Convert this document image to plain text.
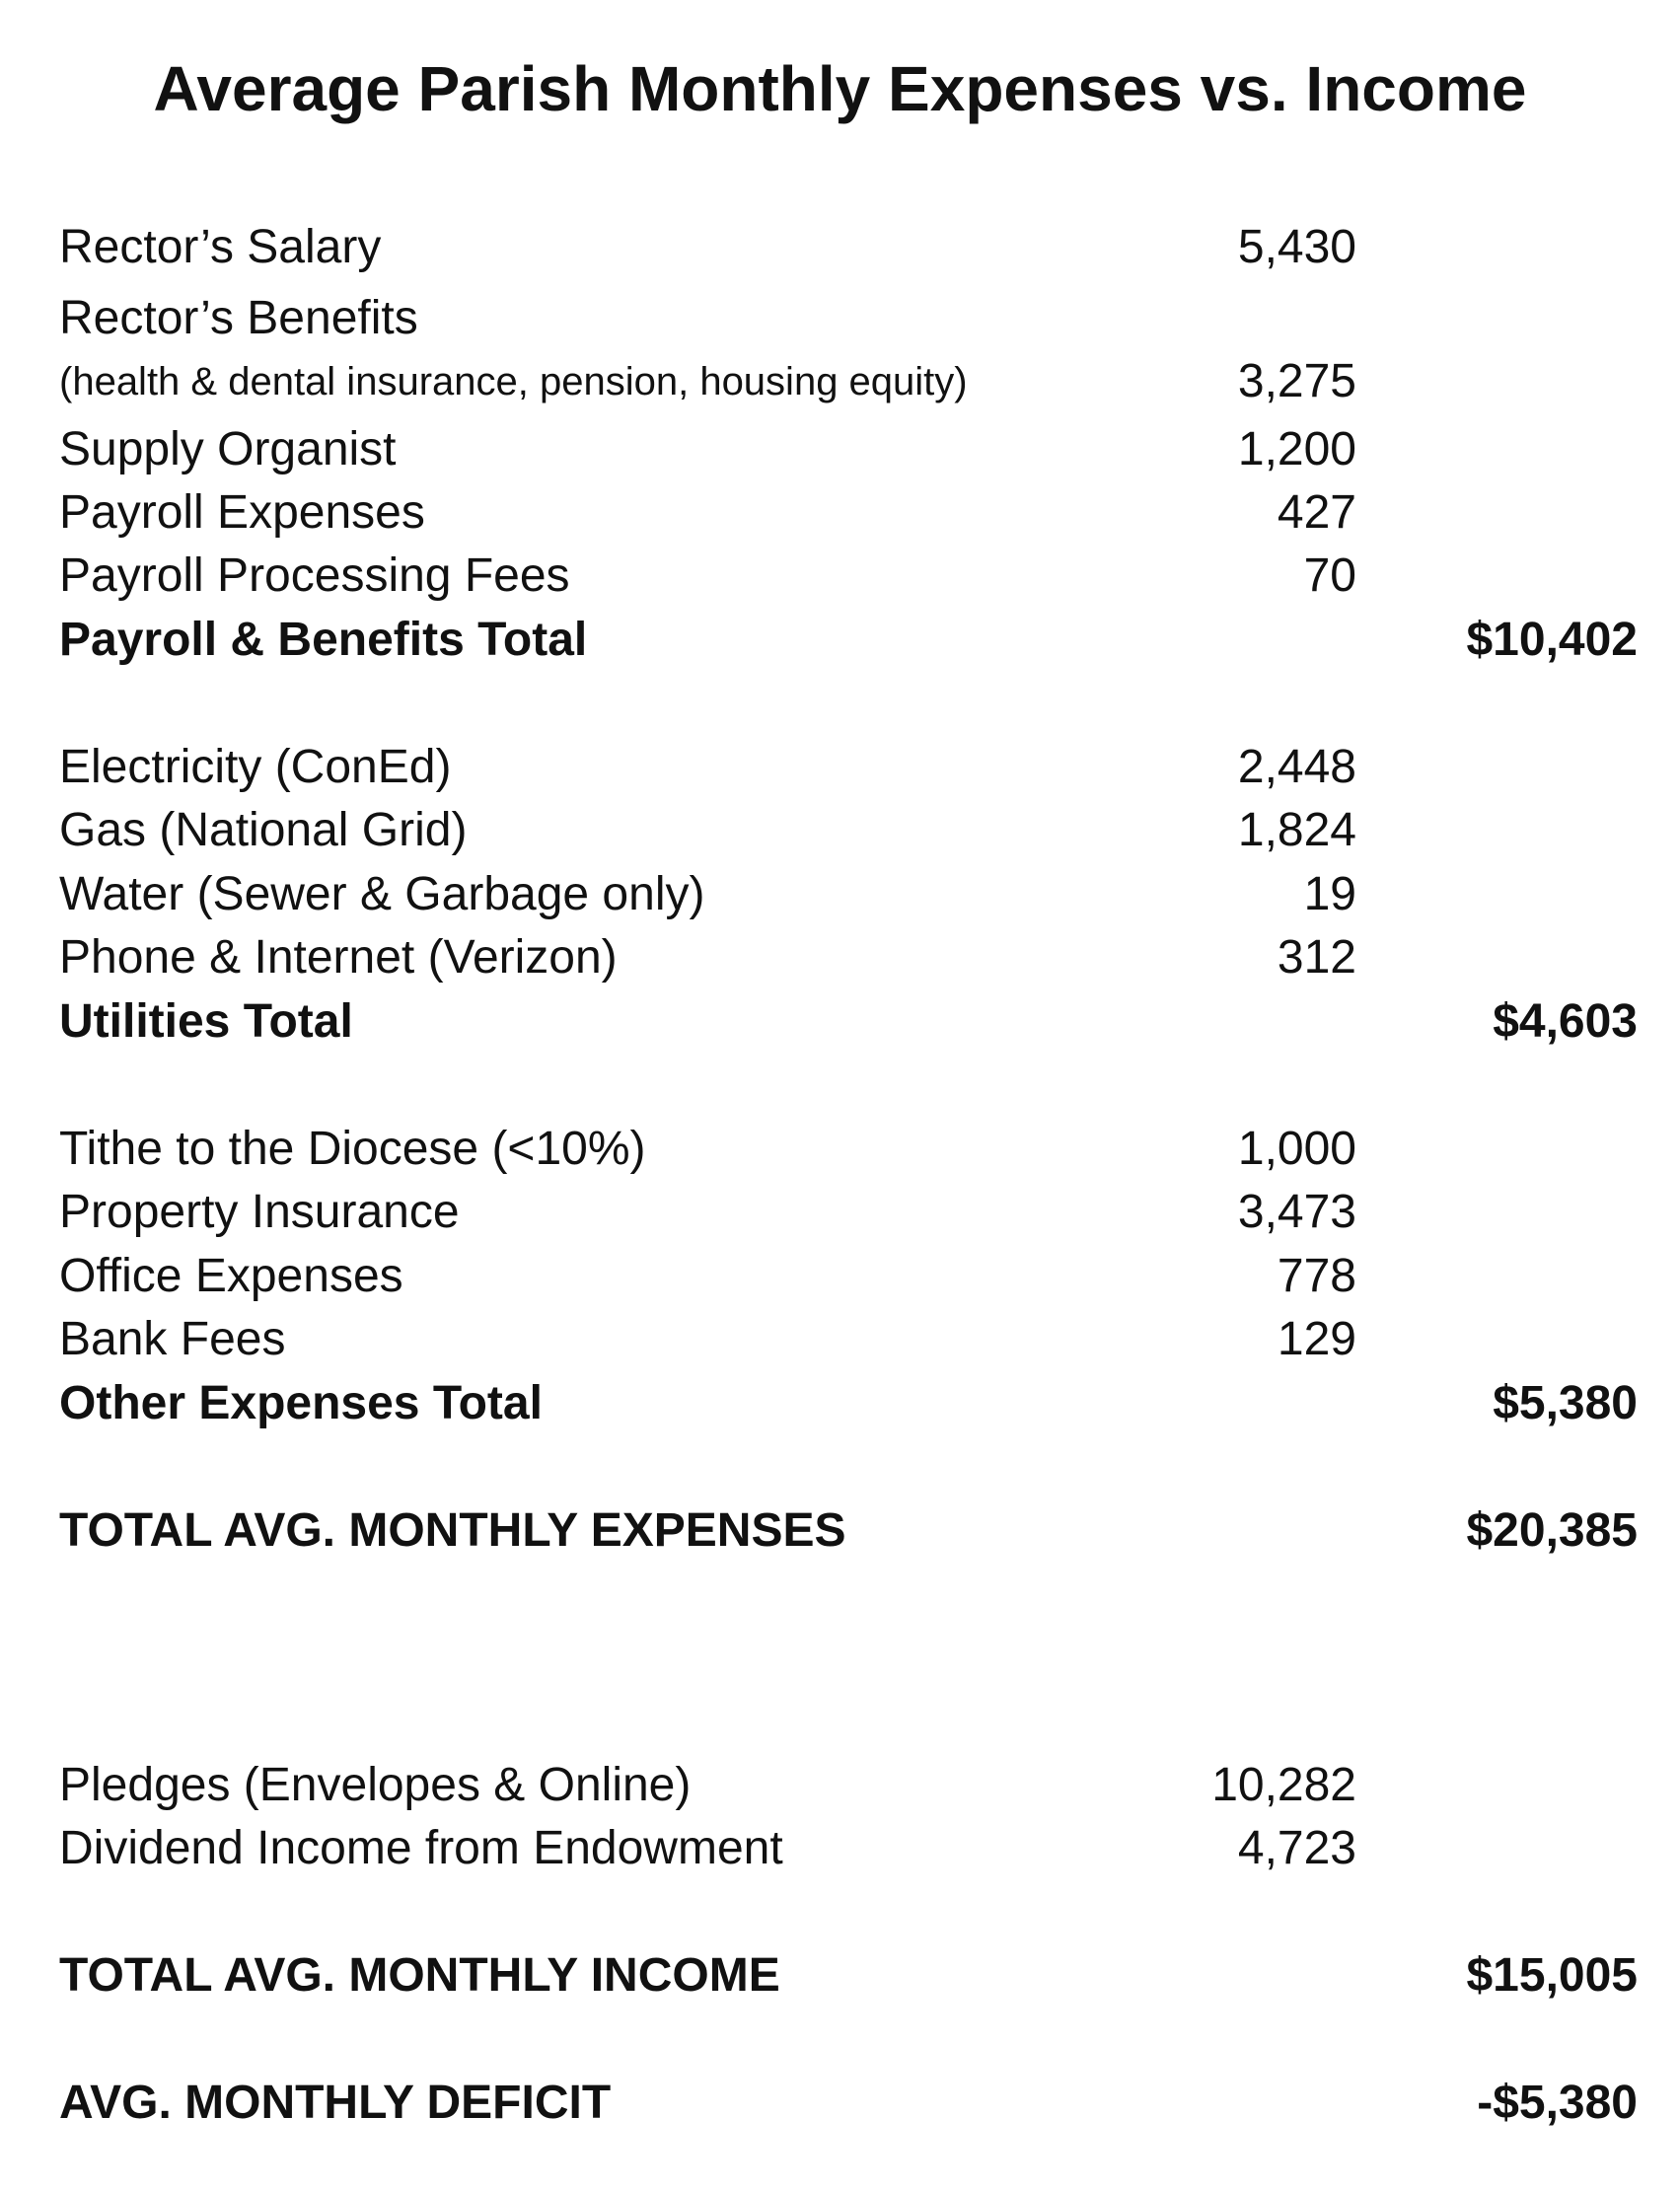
Average Parish Monthly Expenses vs. Income
Rector’s Salary	5,430
Rector’s Benefits
(health & dental insurance, pension, housing equity)	3,275
Supply Organist	1,200
Payroll Expenses	427
Payroll Processing Fees	70
Payroll & Benefits Total	$10,402
Electricity (ConEd)	2,448
Gas (National Grid)	1,824
Water (Sewer & Garbage only)	19
Phone & Internet (Verizon)	312
Utilities Total	$4,603
Tithe to the Diocese (<10%)	1,000
Property Insurance	3,473
Office Expenses	778
Bank Fees	129
Other Expenses Total	$5,380
TOTAL AVG. MONTHLY EXPENSES	$20,385
Pledges (Envelopes & Online)	10,282
Dividend Income from Endowment	4,723
TOTAL AVG. MONTHLY INCOME	$15,005
AVG. MONTHLY DEFICIT	-$5,380
